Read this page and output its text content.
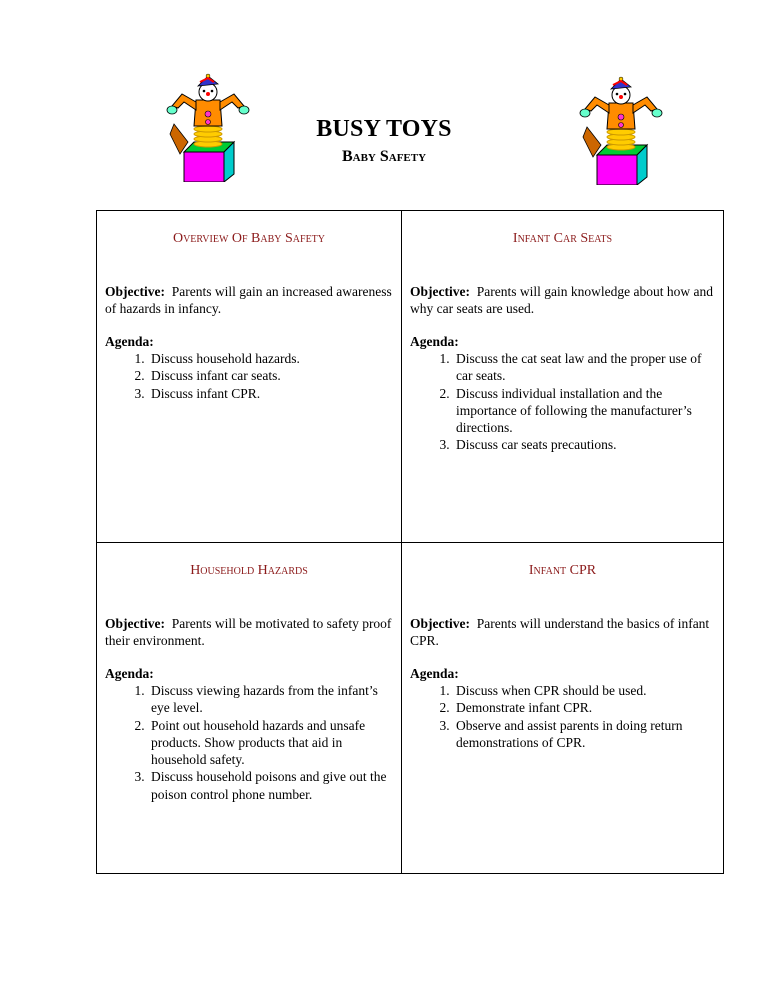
BUSY TOYS
Baby Safety
Overview Of Baby Safety
Objective: Parents will gain an increased awareness of hazards in infancy.
Agenda:
1. Discuss household hazards.
2. Discuss infant car seats.
3. Discuss infant CPR.
Infant Car Seats
Objective: Parents will gain knowledge about how and why car seats are used.
Agenda:
1. Discuss the cat seat law and the proper use of car seats.
2. Discuss individual installation and the importance of following the manufacturer’s directions.
3. Discuss car seats precautions.
Household Hazards
Objective: Parents will be motivated to safety proof their environment.
Agenda:
1. Discuss viewing hazards from the infant’s eye level.
2. Point out household hazards and unsafe products. Show products that aid in household safety.
3. Discuss household poisons and give out the poison control phone number.
Infant CPR
Objective: Parents will understand the basics of infant CPR.
Agenda:
1. Discuss when CPR should be used.
2. Demonstrate infant CPR.
3. Observe and assist parents in doing return demonstrations of CPR.
